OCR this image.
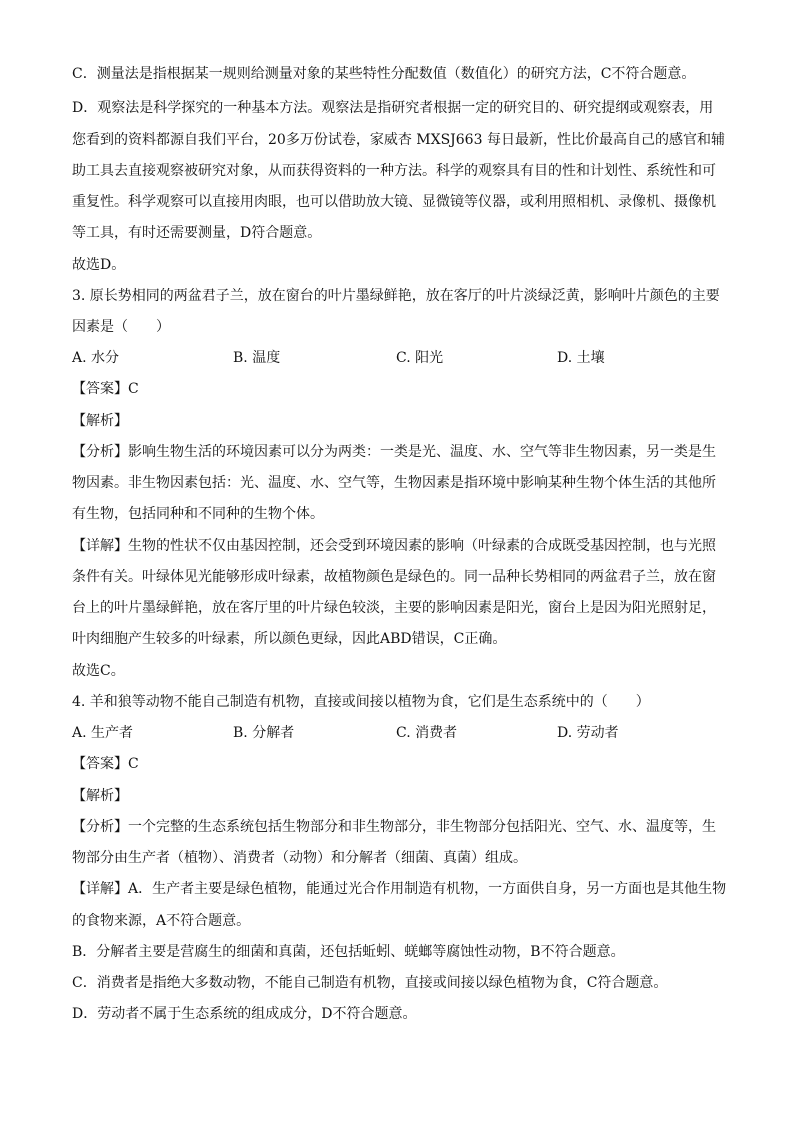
C．测量法是指根据某一规则给测量对象的某些特性分配数值（数值化）的研究方法，C不符合题意。
D．观察法是科学探究的一种基本方法。观察法是指研究者根据一定的研究目的、研究提纲或观察表，用
您看到的资料都源自我们平台，20多万份试卷，家威杏 MXSJ663 每日最新，性比价最高自己的感官和辅
助工具去直接观察被研究对象，从而获得资料的一种方法。科学的观察具有目的性和计划性、系统性和可
重复性。科学观察可以直接用肉眼，也可以借助放大镜、显微镜等仪器，或利用照相机、录像机、摄像机
等工具，有时还需要测量，D符合题意。
故选D。
3. 原长势相同的两盆君子兰，放在窗台的叶片墨绿鲜艳，放在客厅的叶片淡绿泛黄，影响叶片颜色的主要
因素是（　　）
A. 水分	B. 温度	C. 阳光	D. 土壤
【答案】C
【解析】
【分析】影响生物生活的环境因素可以分为两类：一类是光、温度、水、空气等非生物因素，另一类是生
物因素。非生物因素包括：光、温度、水、空气等，生物因素是指环境中影响某种生物个体生活的其他所
有生物，包括同种和不同种的生物个体。
【详解】生物的性状不仅由基因控制，还会受到环境因素的影响（叶绿素的合成既受基因控制，也与光照
条件有关。叶绿体见光能够形成叶绿素，故植物颜色是绿色的。同一品种长势相同的两盆君子兰，放在窗
台上的叶片墨绿鲜艳，放在客厅里的叶片绿色较淡，主要的影响因素是阳光，窗台上是因为阳光照射足，
叶肉细胞产生较多的叶绿素，所以颜色更绿，因此ABD错误，C正确。
故选C。
4. 羊和狼等动物不能自己制造有机物，直接或间接以植物为食，它们是生态系统中的（　　）
A. 生产者	B. 分解者	C. 消费者	D. 劳动者
【答案】C
【解析】
【分析】一个完整的生态系统包括生物部分和非生物部分，非生物部分包括阳光、空气、水、温度等，生
物部分由生产者（植物）、消费者（动物）和分解者（细菌、真菌）组成。
【详解】A．生产者主要是绿色植物，能通过光合作用制造有机物，一方面供自身，另一方面也是其他生物
的食物来源，A不符合题意。
B．分解者主要是营腐生的细菌和真菌，还包括蚯蚓、蜣螂等腐蚀性动物，B不符合题意。
C．消费者是指绝大多数动物，不能自己制造有机物，直接或间接以绿色植物为食，C符合题意。
D．劳动者不属于生态系统的组成成分，D不符合题意。
